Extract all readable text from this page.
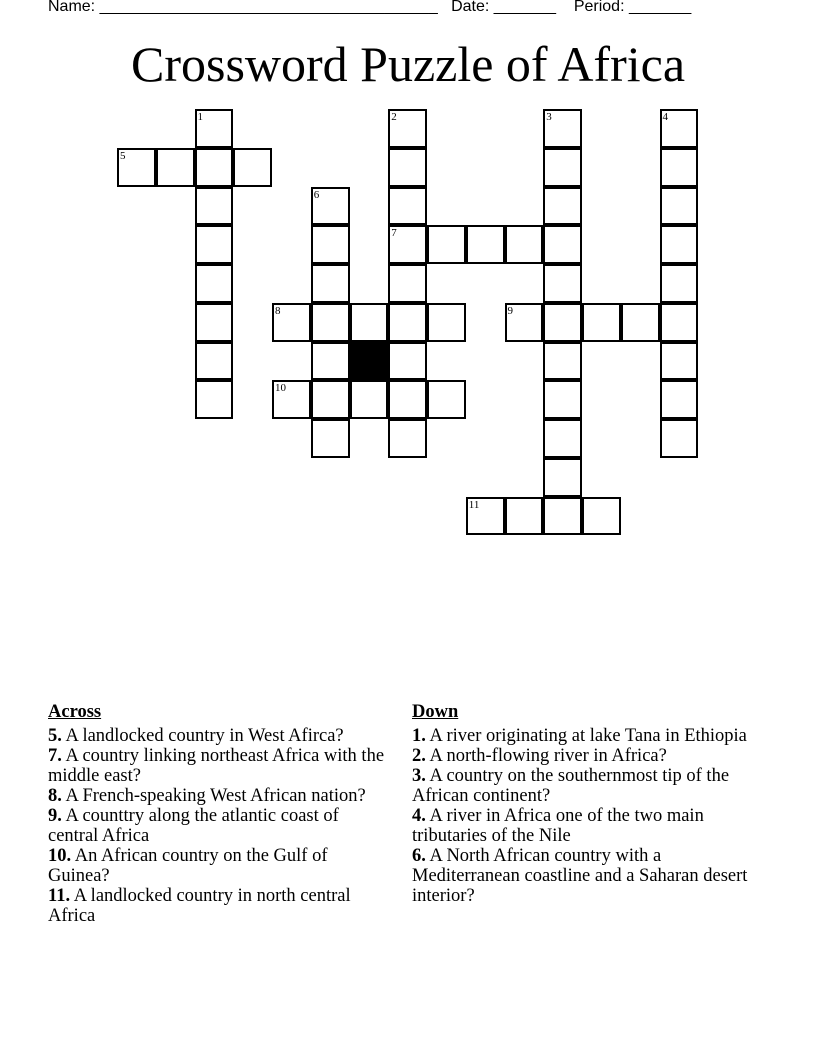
Name: ______________________________________ Date: _______ Period: _______
Crossword Puzzle of Africa
1	2
7
3	4
5
6
8	9
10
11
Across

5. A landlocked country in West Afirca?

7. A country linking northeast Africa with the middle east?

8. A French-speaking West African nation?

9. A counttry along the atlantic coast of central Africa

10. An African country on the Gulf of Guinea?

11. A landlocked country in north central Africa

Down

1. A river originating at lake Tana in Ethiopia

2. A north-flowing river in Africa?

3. A country on the southernmost tip of the African continent?

4. A river in Africa one of the two main tributaries of the Nile

6. A North African country with a Mediterranean coastline and a Saharan desert interior?
